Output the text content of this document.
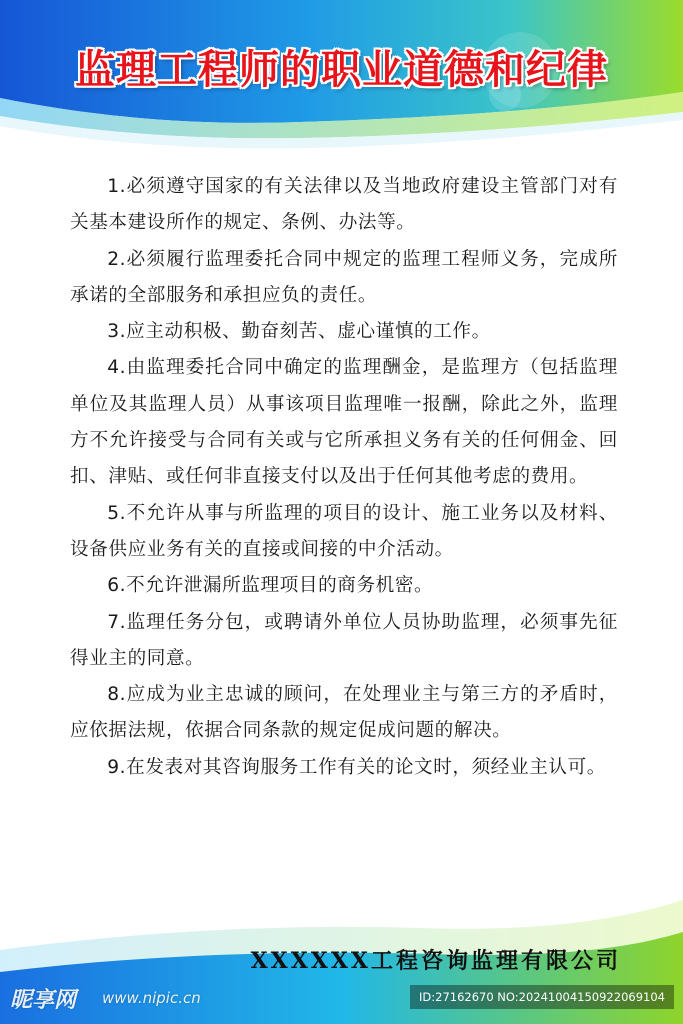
监理工程师的职业道德和纪律

1.必须遵守国家的有关法律以及当地政府建设主管部门对有关基本建设所作的规定、条例、办法等。

2.必须履行监理委托合同中规定的监理工程师义务，完成所承诺的全部服务和承担应负的责任。

3.应主动积极、勤奋刻苦、虚心谨慎的工作。

4.由监理委托合同中确定的监理酬金，是监理方（包括监理单位及其监理人员）从事该项目监理唯一报酬，除此之外，监理方不允许接受与合同有关或与它所承担义务有关的任何佣金、回扣、津贴、或任何非直接支付以及出于任何其他考虑的费用。

5.不允许从事与所监理的项目的设计、施工业务以及材料、设备供应业务有关的直接或间接的中介活动。

6.不允许泄漏所监理项目的商务机密。

7.监理任务分包，或聘请外单位人员协助监理，必须事先征得业主的同意。

8.应成为业主忠诚的顾问，在处理业主与第三方的矛盾时，应依据法规，依据合同条款的规定促成问题的解决。

9.在发表对其咨询服务工作有关的论文时，须经业主认可。

XXXXXX工程咨询监理有限公司
昵享网 www.nipic.cn	ID:27162670 NO:20241004150922069104
